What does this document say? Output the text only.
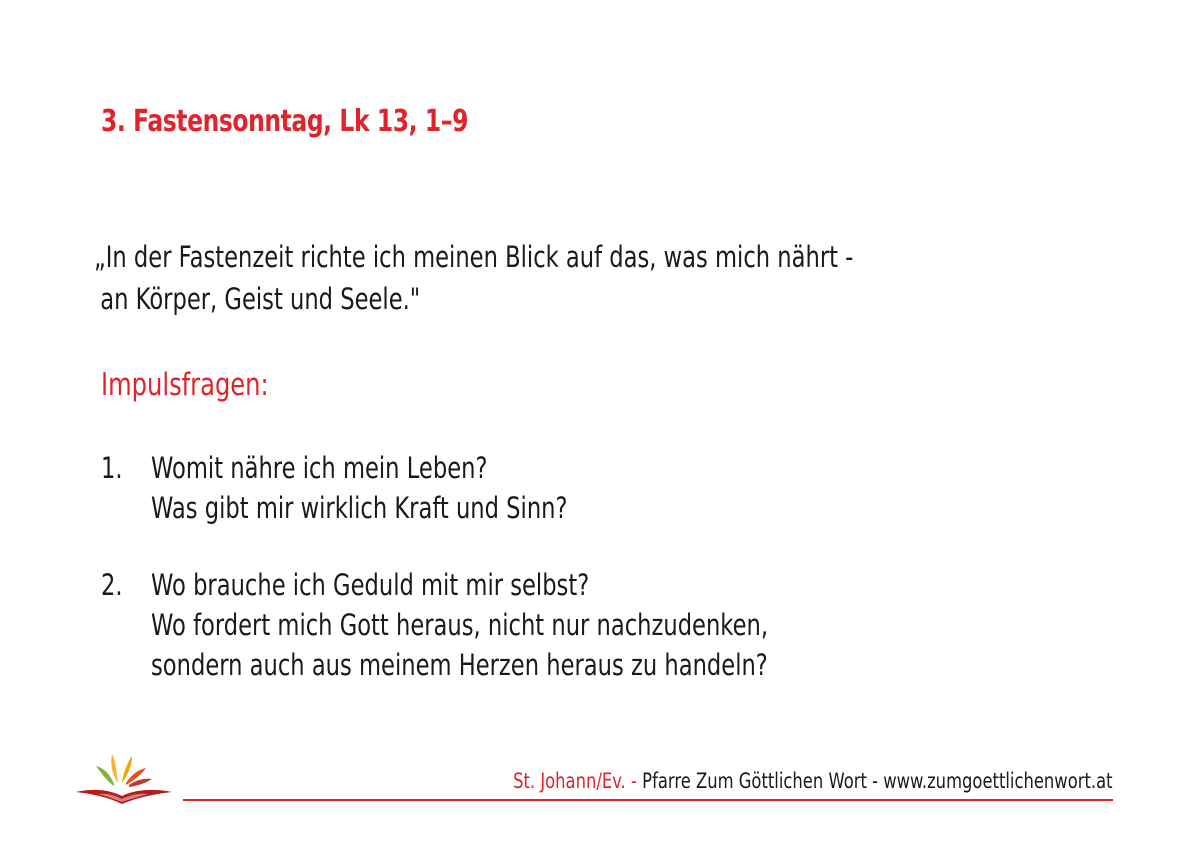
3. Fastensonntag, Lk 13, 1–9
„In der Fastenzeit richte ich meinen Blick auf das, was mich nährt -
an Körper, Geist und Seele."
Impulsfragen:
1. Womit nähre ich mein Leben?
Was gibt mir wirklich Kraft und Sinn?
2. Wo brauche ich Geduld mit mir selbst?
Wo fordert mich Gott heraus, nicht nur nachzudenken,
sondern auch aus meinem Herzen heraus zu handeln?
St. Johann/Ev. - Pfarre Zum Göttlichen Wort - www.zumgoettlichenwort.at
